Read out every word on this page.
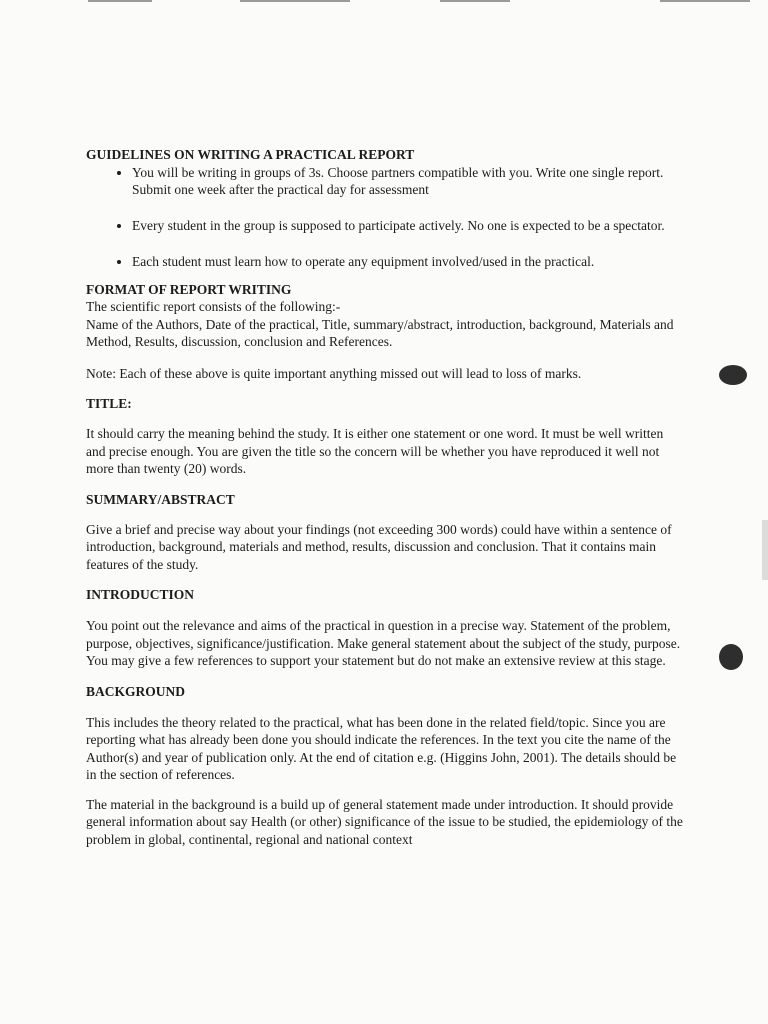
GUIDELINES ON WRITING A PRACTICAL REPORT
• You will be writing in groups of 3s. Choose partners compatible with you. Write one single report. Submit one week after the practical day for assessment
• Every student in the group is supposed to participate actively. No one is expected to be a spectator.
• Each student must learn how to operate any equipment involved/used in the practical.
FORMAT OF REPORT WRITING

The scientific report consists of the following:-

Name of the Authors, Date of the practical, Title, summary/abstract, introduction, background, Materials and Method, Results, discussion, conclusion and References.

Note: Each of these above is quite important anything missed out will lead to loss of marks.

TITLE:

It should carry the meaning behind the study. It is either one statement or one word. It must be well written and precise enough. You are given the title so the concern will be whether you have reproduced it well not more than twenty (20) words.

SUMMARY/ABSTRACT

Give a brief and precise way about your findings (not exceeding 300 words) could have within a sentence of introduction, background, materials and method, results, discussion and conclusion. That it contains main features of the study.

INTRODUCTION

You point out the relevance and aims of the practical in question in a precise way. Statement of the problem, purpose, objectives, significance/justification. Make general statement about the subject of the study, purpose. You may give a few references to support your statement but do not make an extensive review at this stage.

BACKGROUND

This includes the theory related to the practical, what has been done in the related field/topic. Since you are reporting what has already been done you should indicate the references. In the text you cite the name of the Author(s) and year of publication only. At the end of citation e.g. (Higgins John, 2001). The details should be in the section of references.

The material in the background is a build up of general statement made under introduction. It should provide general information about say Health (or other) significance of the issue to be studied, the epidemiology of the problem in global, continental, regional and national context
